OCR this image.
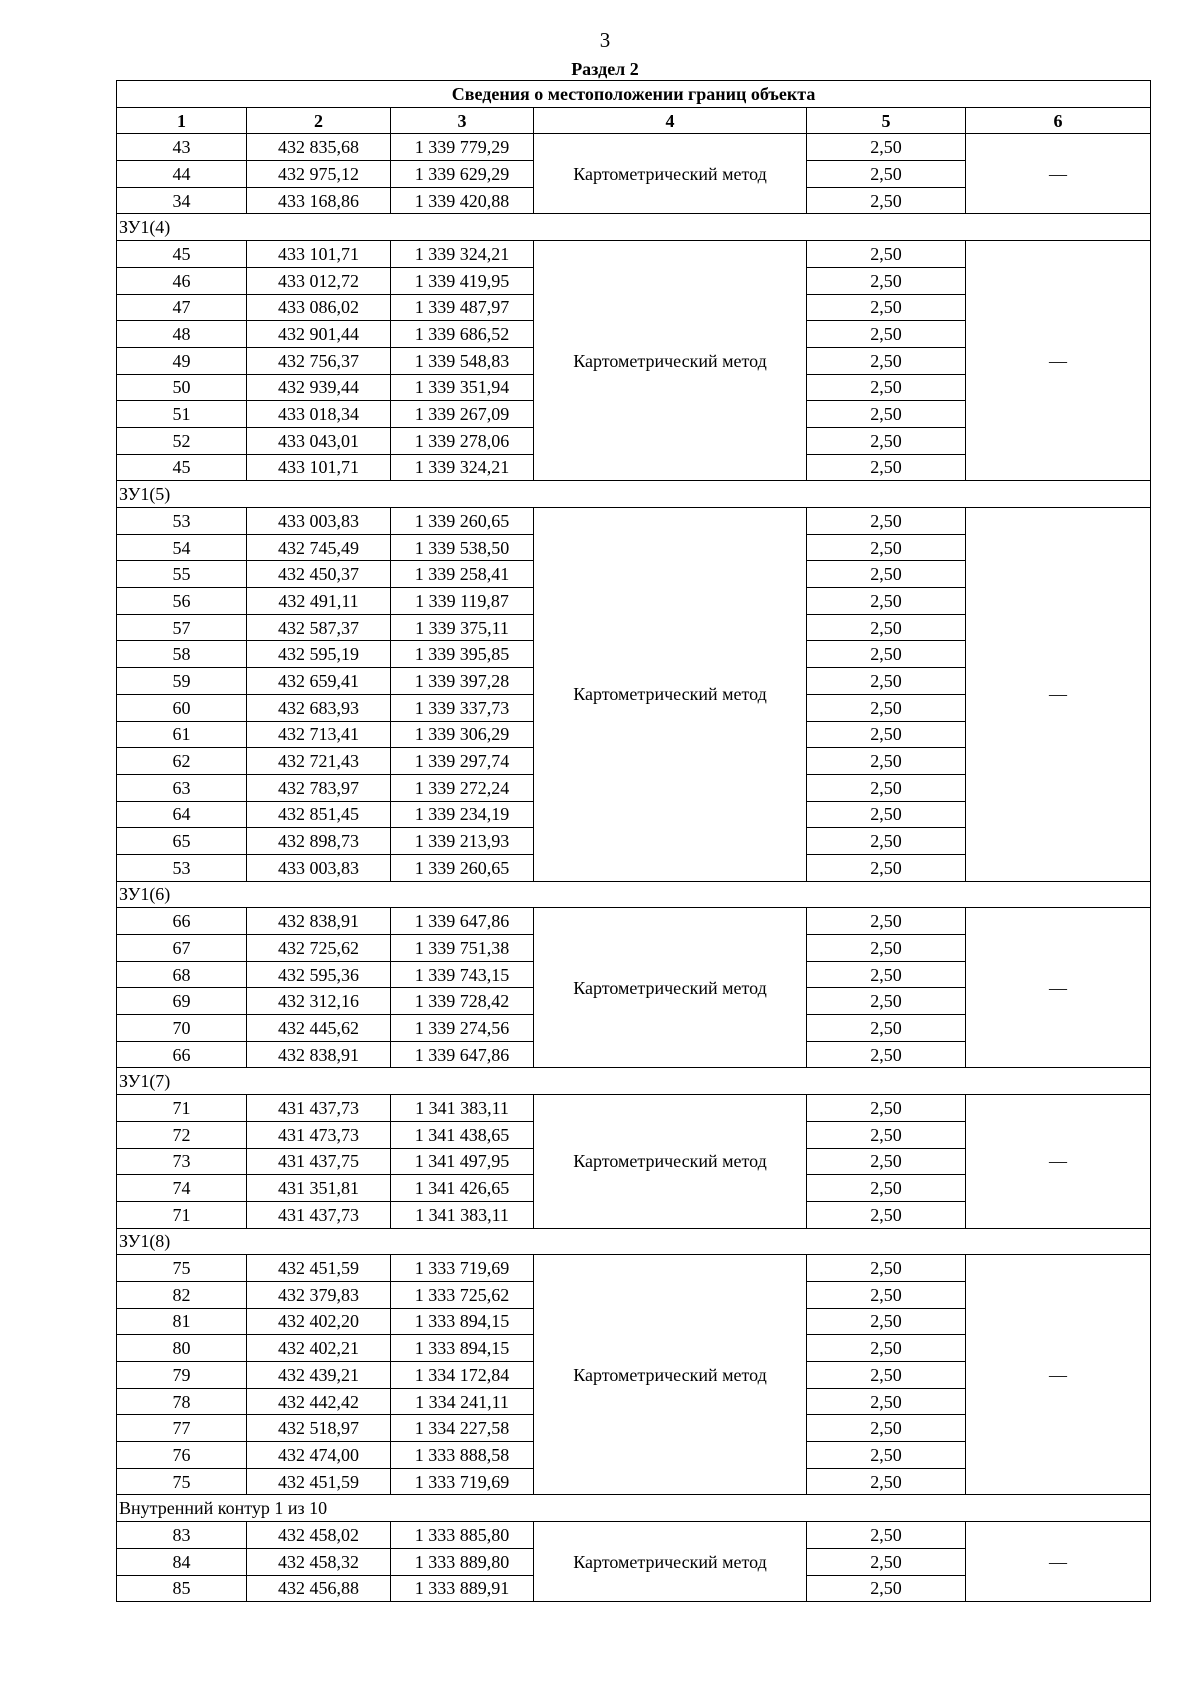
3
Раздел 2
Сведения о местоположении границ объекта					
1	2	3	4	5	6
43	432 835,68	1 339 779,29	Картометрический метод	2,50	—
44	432 975,12	1 339 629,29		2,50	
34	433 168,86	1 339 420,88		2,50	
ЗУ1(4)					
45	433 101,71	1 339 324,21	Картометрический метод	2,50	—
46	433 012,72	1 339 419,95		2,50	
47	433 086,02	1 339 487,97		2,50	
48	432 901,44	1 339 686,52		2,50	
49	432 756,37	1 339 548,83		2,50	
50	432 939,44	1 339 351,94		2,50	
51	433 018,34	1 339 267,09		2,50	
52	433 043,01	1 339 278,06		2,50	
45	433 101,71	1 339 324,21		2,50	
ЗУ1(5)					
53	433 003,83	1 339 260,65	Картометрический метод	2,50	—
54	432 745,49	1 339 538,50		2,50	
55	432 450,37	1 339 258,41		2,50	
56	432 491,11	1 339 119,87		2,50	
57	432 587,37	1 339 375,11		2,50	
58	432 595,19	1 339 395,85		2,50	
59	432 659,41	1 339 397,28		2,50	
60	432 683,93	1 339 337,73		2,50	
61	432 713,41	1 339 306,29		2,50	
62	432 721,43	1 339 297,74		2,50	
63	432 783,97	1 339 272,24		2,50	
64	432 851,45	1 339 234,19		2,50	
65	432 898,73	1 339 213,93		2,50	
53	433 003,83	1 339 260,65		2,50	
ЗУ1(6)					
66	432 838,91	1 339 647,86	Картометрический метод	2,50	—
67	432 725,62	1 339 751,38		2,50	
68	432 595,36	1 339 743,15		2,50	
69	432 312,16	1 339 728,42		2,50	
70	432 445,62	1 339 274,56		2,50	
66	432 838,91	1 339 647,86		2,50	
ЗУ1(7)					
71	431 437,73	1 341 383,11	Картометрический метод	2,50	—
72	431 473,73	1 341 438,65		2,50	
73	431 437,75	1 341 497,95		2,50	
74	431 351,81	1 341 426,65		2,50	
71	431 437,73	1 341 383,11		2,50	
ЗУ1(8)					
75	432 451,59	1 333 719,69	Картометрический метод	2,50	—
82	432 379,83	1 333 725,62		2,50	
81	432 402,20	1 333 894,15		2,50	
80	432 402,21	1 333 894,15		2,50	
79	432 439,21	1 334 172,84		2,50	
78	432 442,42	1 334 241,11		2,50	
77	432 518,97	1 334 227,58		2,50	
76	432 474,00	1 333 888,58		2,50	
75	432 451,59	1 333 719,69		2,50	
Внутренний контур 1 из 10					
83	432 458,02	1 333 885,80	Картометрический метод	2,50	—
84	432 458,32	1 333 889,80		2,50	
85	432 456,88	1 333 889,91		2,50	
